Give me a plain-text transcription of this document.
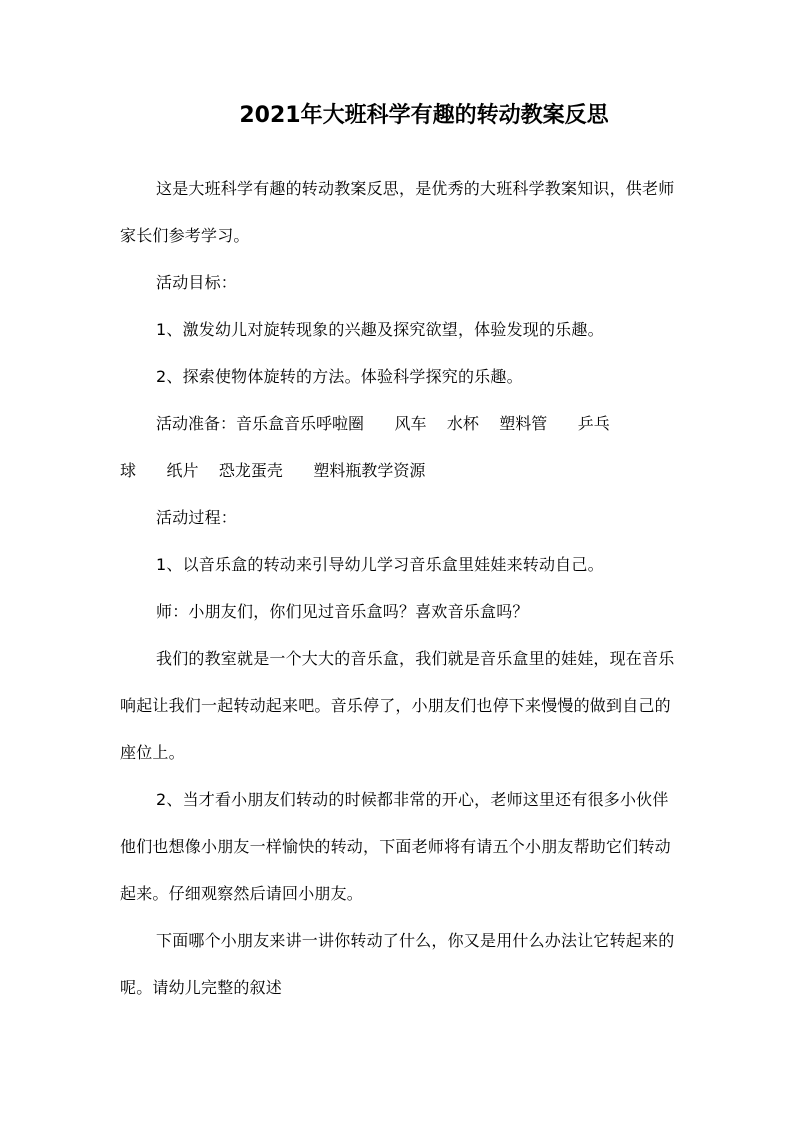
2021年大班科学有趣的转动教案反思

这是大班科学有趣的转动教案反思，是优秀的大班科学教案知识，供老师家长们参考学习。

活动目标：

1、激发幼儿对旋转现象的兴趣及探究欲望，体验发现的乐趣。

2、探索使物体旋转的方法。体验科学探究的乐趣。

活动准备：音乐盒音乐呼啦圈      风车    水杯    塑料管      乒乓

球      纸片    恐龙蛋壳      塑料瓶教学资源

活动过程：

1、以音乐盒的转动来引导幼儿学习音乐盒里娃娃来转动自己。

师：小朋友们，你们见过音乐盒吗？喜欢音乐盒吗？

我们的教室就是一个大大的音乐盒，我们就是音乐盒里的娃娃，现在音乐响起让我们一起转动起来吧。音乐停了，小朋友们也停下来慢慢的做到自己的座位上。

2、当才看小朋友们转动的时候都非常的开心，老师这里还有很多小伙伴他们也想像小朋友一样愉快的转动，下面老师将有请五个小朋友帮助它们转动起来。仔细观察然后请回小朋友。

下面哪个小朋友来讲一讲你转动了什么，你又是用什么办法让它转起来的呢。请幼儿完整的叙述
